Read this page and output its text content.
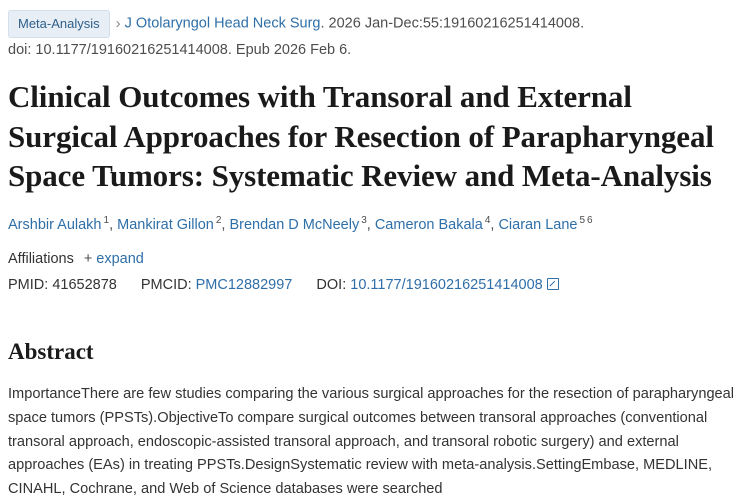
Meta-Analysis › J Otolaryngol Head Neck Surg. 2026 Jan-Dec:55:19160216251414008.
doi: 10.1177/19160216251414008. Epub 2026 Feb 6.
Clinical Outcomes with Transoral and External Surgical Approaches for Resection of Parapharyngeal Space Tumors: Systematic Review and Meta-Analysis
Arshbir Aulakh $^1$, Mankirat Gillon $^2$, Brendan D McNeely $^3$, Cameron Bakala $^4$, Ciaran Lane $^5$ $^6$
Affiliations + expand
PMID: 41652878 PMCID: PMC12882997 DOI: 10.1177/19160216251414008
Abstract
ImportanceThere are few studies comparing the various surgical approaches for the resection of parapharyngeal space tumors (PPSTs).ObjectiveTo compare surgical outcomes between transoral approaches (conventional transoral approach, endoscopic-assisted transoral approach, and transoral robotic surgery) and external approaches (EAs) in treating PPSTs.DesignSystematic review with meta-analysis.SettingEmbase, MEDLINE, CINAHL, Cochrane, and Web of Science databases were searched
